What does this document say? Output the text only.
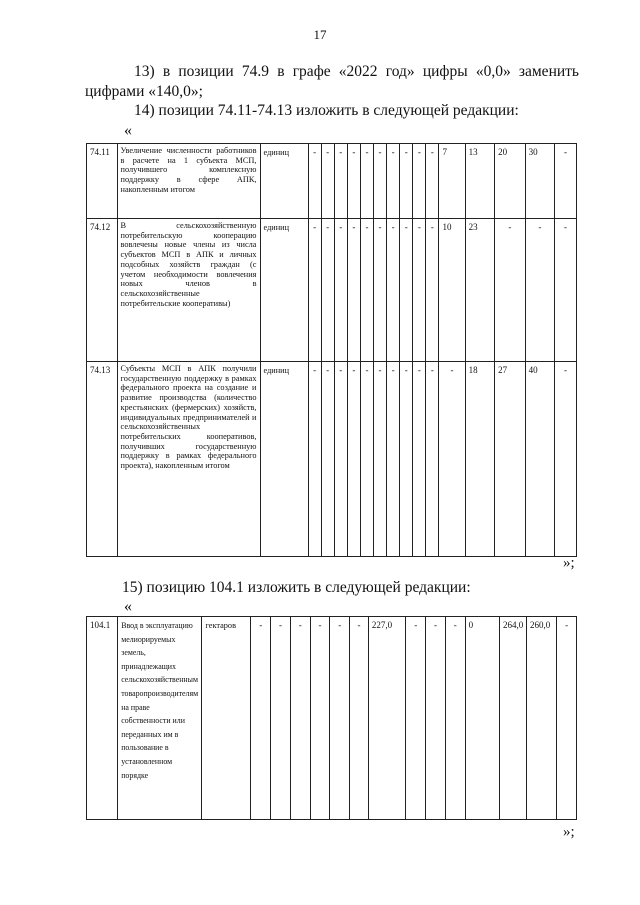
17
13) в позиции 74.9 в графе «2022 год» цифры «0,0» заменить
цифрами «140,0»;
14) позиции 74.11-74.13 изложить в следующей редакции:
«
74.11	Увеличение численности работников в расчете на 1 субъекта МСП, получившего комплексную поддержку в сфере АПК, накопленным итогом	единиц	-	-	-	-	-	-	-	-	-	-	7	13	20	30	-
74.12	В сельскохозяйственную потребительскую кооперацию вовлечены новые члены из числа субъектов МСП в АПК и личных подсобных хозяйств граждан (с учетом необходимости вовлечения новых членов в сельскохозяйственные потребительские кооперативы)	единиц	-	-	-	-	-	-	-	-	-	-	10	23	-	-	-
74.13	Субъекты МСП в АПК получили государственную поддержку в рамках федерального проекта на создание и развитие производства (количество крестьянских (фермерских) хозяйств, индивидуальных предпринимателей и сельскохозяйственных потребительских кооперативов, получивших государственную поддержку в рамках федерального проекта), накопленным итогом	единиц	-	-	-	-	-	-	-	-	-	-	-	18	27	40	-
»;
15) позицию 104.1 изложить в следующей редакции:
«
104.1	Ввод в эксплуатацию мелиорируемых земель, принадлежащих сельскохозяйственным товаропроизводителям на праве собственности или переданных им в пользование в установленном порядке	гектаров	-	-	-	-	-	-	227,0	-	-	-	0	264,0	260,0	-
»;
